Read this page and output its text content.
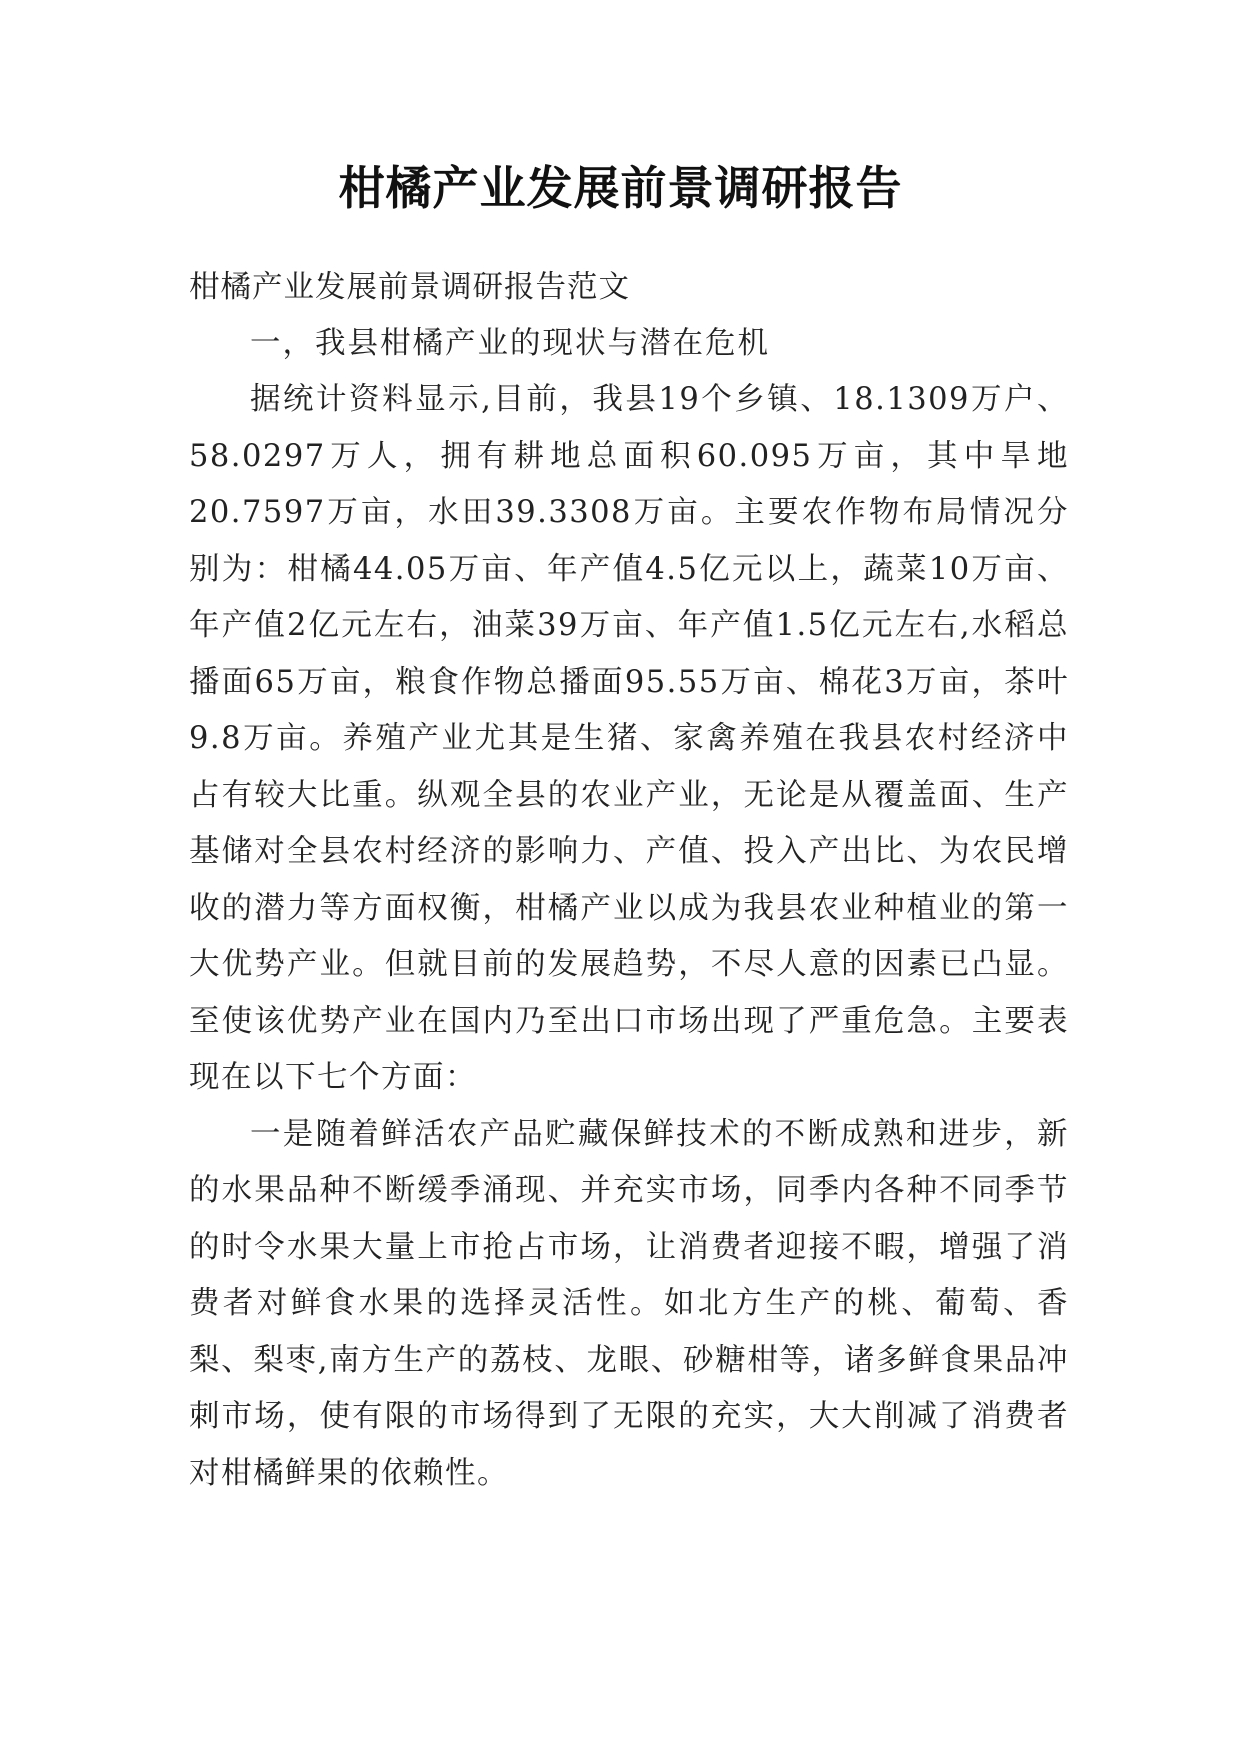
柑橘产业发展前景调研报告

柑橘产业发展前景调研报告范文

一，我县柑橘产业的现状与潜在危机

据统计资料显示,目前，我县19个乡镇、18.1309万户、58.0297万人，拥有耕地总面积60.095万亩，其中旱地20.7597万亩，水田39.3308万亩。主要农作物布局情况分别为：柑橘44.05万亩、年产值4.5亿元以上，蔬菜10万亩、年产值2亿元左右，油菜39万亩、年产值1.5亿元左右,水稻总播面65万亩，粮食作物总播面95.55万亩、棉花3万亩，茶叶9.8万亩。养殖产业尤其是生猪、家禽养殖在我县农村经济中占有较大比重。纵观全县的农业产业，无论是从覆盖面、生产基储对全县农村经济的影响力、产值、投入产出比、为农民增收的潜力等方面权衡，柑橘产业以成为我县农业种植业的第一大优势产业。但就目前的发展趋势，不尽人意的因素已凸显。至使该优势产业在国内乃至出口市场出现了严重危急。主要表现在以下七个方面：

一是随着鲜活农产品贮藏保鲜技术的不断成熟和进步，新的水果品种不断缓季涌现、并充实市场，同季内各种不同季节的时令水果大量上市抢占市场，让消费者迎接不暇，增强了消费者对鲜食水果的选择灵活性。如北方生产的桃、葡萄、香梨、梨枣,南方生产的荔枝、龙眼、砂糖柑等，诸多鲜食果品冲刺市场，使有限的市场得到了无限的充实，大大削减了消费者对柑橘鲜果的依赖性。
